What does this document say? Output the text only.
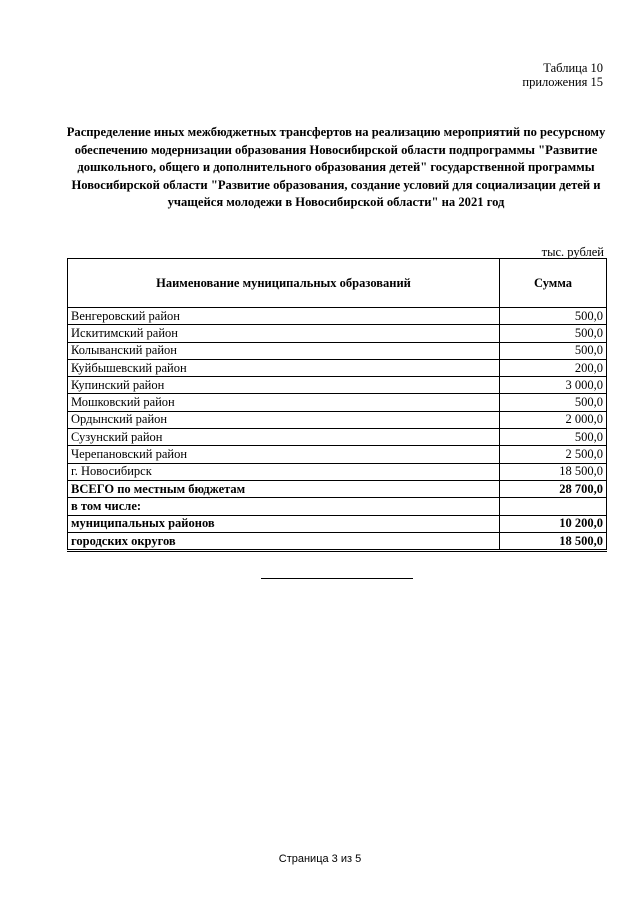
Таблица 10
приложения 15
Распределение иных межбюджетных трансфертов на реализацию мероприятий по ресурсному обеспечению модернизации образования Новосибирской области подпрограммы "Развитие дошкольного, общего и дополнительного образования детей" государственной программы Новосибирской области "Развитие образования, создание условий для социализации детей и учащейся молодежи в Новосибирской области" на 2021 год
тыс. рублей
Наименование муниципальных образований	Сумма
Венгеровский район	500,0
Искитимский район	500,0
Колыванский район	500,0
Куйбышевский район	200,0
Купинский район	3 000,0
Мошковский район	500,0
Ордынский район	2 000,0
Сузунский район	500,0
Черепановский район	2 500,0
г. Новосибирск	18 500,0
ВСЕГО по местным бюджетам	28 700,0
в том числе:	
муниципальных районов	10 200,0
городских округов	18 500,0
Страница 3 из 5
